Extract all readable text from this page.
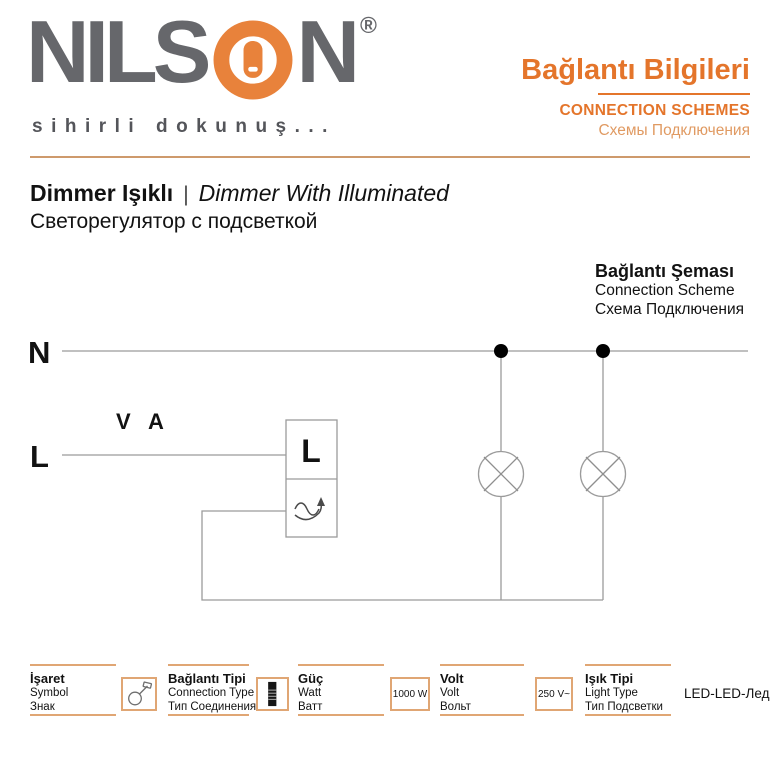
NILS N ®
sihirli dokunuş...
Bağlantı Bilgileri
CONNECTION SCHEMES
Схемы Подключения
Dimmer Işıklı | Dimmer With Illuminated
Светорегулятор с подсветкой
Bağlantı Şeması
Connection Scheme
Схема Подключения
N
L
V A
L
İşaret
Symbol
Знак
Bağlantı Tipi
Connection Type
Тип Соединения
Güç
Watt
Ватт
1000 W
Volt
Volt
Вольт
250 V~
Işık Tipi
Light Type
Тип Подсветки
LED-LED-Лед
